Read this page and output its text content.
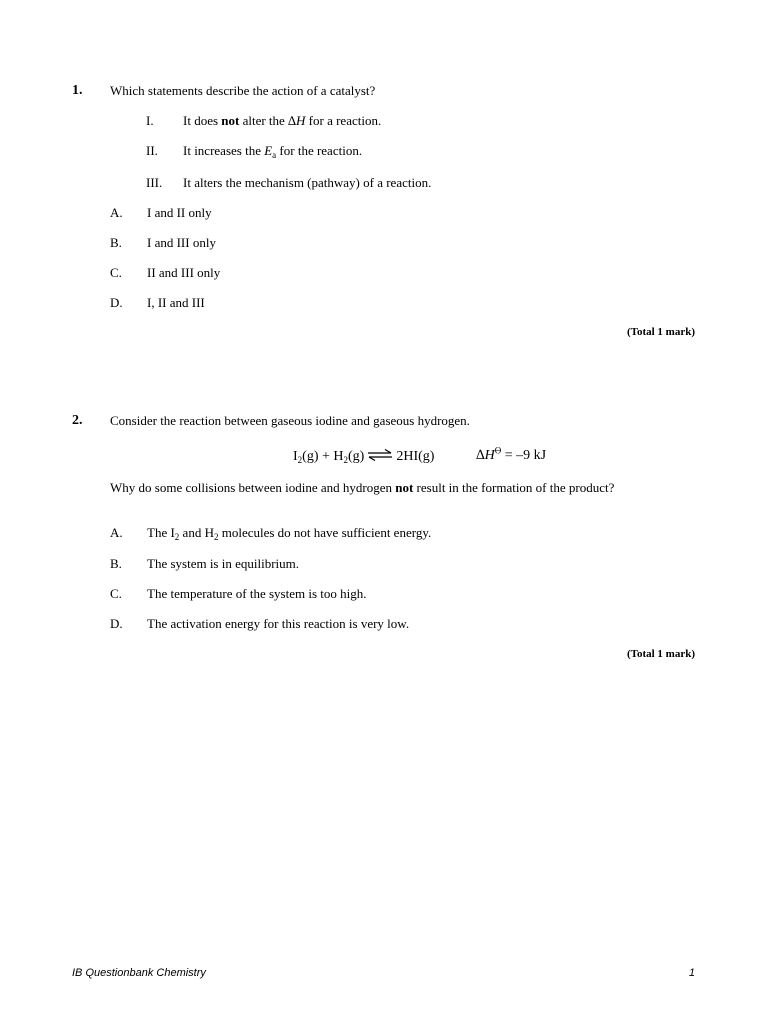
1. Which statements describe the action of a catalyst?
I. It does not alter the ∆H for a reaction.
II. It increases the $E_a$ for the reaction.
III. It alters the mechanism (pathway) of a reaction.
A. I and II only
B. I and III only
C. II and III only
D. I, II and III
(Total 1 mark)
2. Consider the reaction between gaseous iodine and gaseous hydrogen.
$I_2(g) + H_2(g)$ ⇌ 2HI(g)	$\Delta H^Ө = -9$ kJ
Why do some collisions between iodine and hydrogen not result in the formation of the product?
A. The $I_2$ and $H_2$ molecules do not have sufficient energy.
B. The system is in equilibrium.
C. The temperature of the system is too high.
D. The activation energy for this reaction is very low.
(Total 1 mark)
IB Questionbank Chemistry	1
